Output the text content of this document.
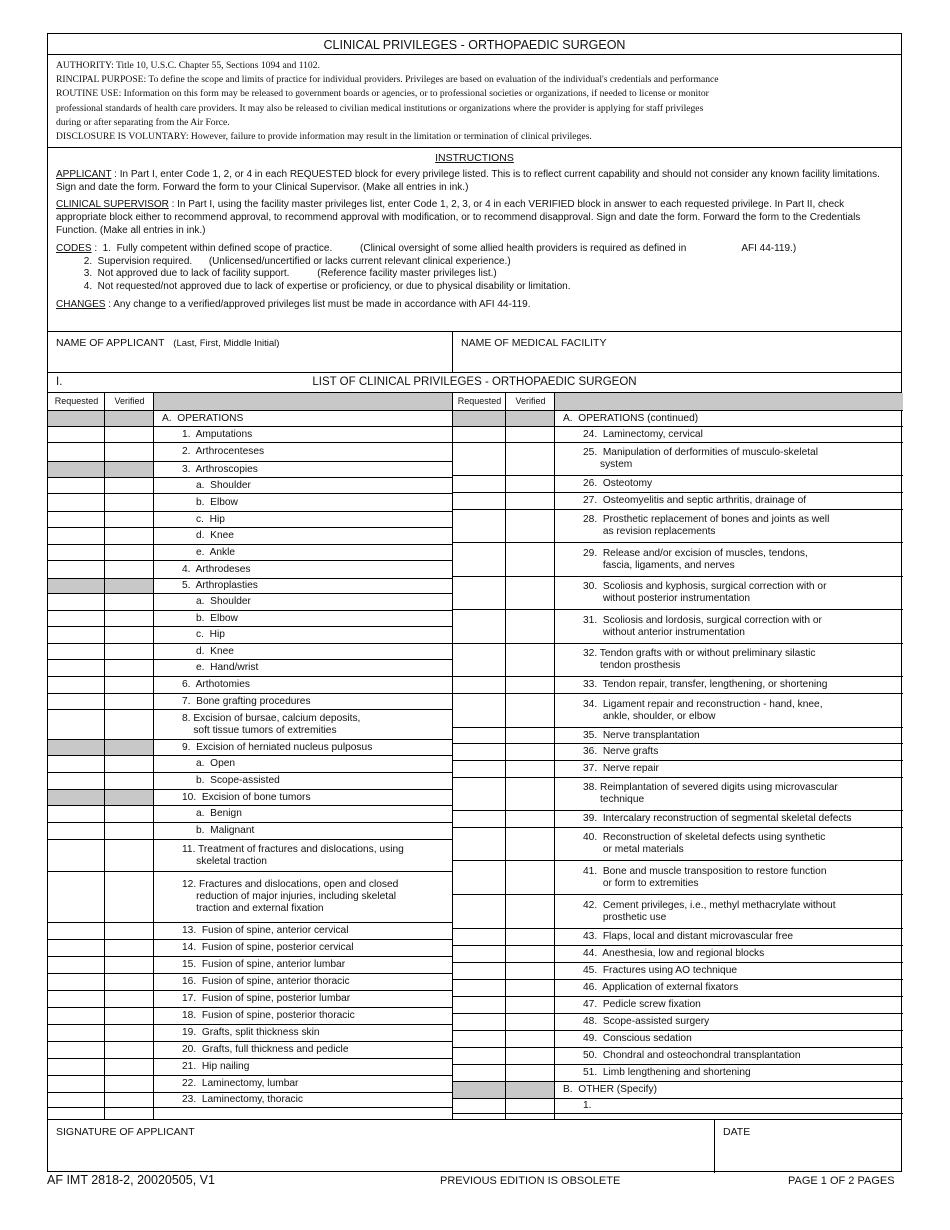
CLINICAL PRIVILEGES - ORTHOPAEDIC SURGEON
AUTHORITY: Title 10, U.S.C. Chapter 55, Sections 1094 and 1102.
RINCIPAL PURPOSE: To define the scope and limits of practice for individual providers. Privileges are based on evaluation of the individual's credentials and performance
ROUTINE USE: Information on this form may be released to government boards or agencies, or to professional societies or organizations, if needed to license or monitor
professional standards of health care providers. It may also be released to civilian medical institutions or organizations where the provider is applying for staff privileges
during or after separating from the Air Force.
DISCLOSURE IS VOLUNTARY: However, failure to provide information may result in the limitation or termination of clinical privileges.
INSTRUCTIONS

APPLICANT : In Part I, enter Code 1, 2, or 4 in each REQUESTED block for every privilege listed. This is to reflect current capability and should not consider any known facility limitations. Sign and date the form. Forward the form to your Clinical Supervisor. (Make all entries in ink.)

CLINICAL SUPERVISOR : In Part I, using the facility master privileges list, enter Code 1, 2, 3, or 4 in each VERIFIED block in answer to each requested privilege. In Part II, check appropriate block either to recommend approval, to recommend approval with modification, or to recommend disapproval. Sign and date the form. Forward the form to the Credentials Function. (Make all entries in ink.)

CODES :  1.  Fully competent within defined scope of practice.          (Clinical oversight of some allied health providers is required as defined in                    AFI 44-119.)
2.  Supervision required.      (Unlicensed/uncertified or lacks current relevant clinical experience.)
3.  Not approved due to lack of facility support.          (Reference facility master privileges list.)
4.  Not requested/not approved due to lack of expertise or proficiency, or due to physical disability or limitation.

CHANGES : Any change to a verified/approved privileges list must be made in accordance with AFI 44-119.

NAME OF APPLICANT (Last, First, Middle Initial)	NAME OF MEDICAL FACILITY
I.	LIST OF CLINICAL PRIVILEGES - ORTHOPAEDIC SURGEON
Requested	Verified	Requested	Verified
A.  OPERATIONS
1.  Amputations
2.  Arthrocenteses
3.  Arthroscopies
a.  Shoulder
b.  Elbow
c.  Hip
d.  Knee
e.  Ankle
4.  Arthrodeses
5.  Arthroplasties
a.  Shoulder
b.  Elbow
c.  Hip
d.  Knee
e.  Hand/wrist
6.  Arthotomies
7.  Bone grafting procedures
8. Excision of bursae, calcium deposits,
soft tissue tumors of extremities
9.  Excision of herniated nucleus pulposus
a.  Open
b.  Scope-assisted
10.  Excision of bone tumors
a.  Benign
b.  Malignant
11. Treatment of fractures and dislocations, using
skeletal traction
12. Fractures and dislocations, open and closed
reduction of major injuries, including skeletal
traction and external fixation
13.  Fusion of spine, anterior cervical
14.  Fusion of spine, posterior cervical
15.  Fusion of spine, anterior lumbar
16.  Fusion of spine, anterior thoracic
17.  Fusion of spine, posterior lumbar
18.  Fusion of spine, posterior thoracic
19.  Grafts, split thickness skin
20.  Grafts, full thickness and pedicle
21.  Hip nailing
22.  Laminectomy, lumbar
23.  Laminectomy, thoracic
A.  OPERATIONS (continued)
24.  Laminectomy, cervical
25.  Manipulation of derformities of musculo-skeletal
system
26.  Osteotomy
27.  Osteomyelitis and septic arthritis, drainage of
28.  Prosthetic replacement of bones and joints as well
as revision replacements
29.  Release and/or excision of muscles, tendons,
fascia, ligaments, and nerves
30.  Scoliosis and kyphosis, surgical correction with or
without posterior instrumentation
31.  Scoliosis and lordosis, surgical correction with or
without anterior instrumentation
32. Tendon grafts with or without preliminary silastic
tendon prosthesis
33.  Tendon repair, transfer, lengthening, or shortening
34.  Ligament repair and reconstruction - hand, knee,
ankle, shoulder, or elbow
35.  Nerve transplantation
36.  Nerve grafts
37.  Nerve repair
38. Reimplantation of severed digits using microvascular
technique
39.  Intercalary reconstruction of segmental skeletal defects
40.  Reconstruction of skeletal defects using synthetic
or metal materials
41.  Bone and muscle transposition to restore function
or form to extremities
42.  Cement privileges, i.e., methyl methacrylate without
prosthetic use
43.  Flaps, local and distant microvascular free
44.  Anesthesia, low and regional blocks
45.  Fractures using AO technique
46.  Application of external fixators
47.  Pedicle screw fixation
48.  Scope-assisted surgery
49.  Conscious sedation
50.  Chondral and osteochondral transplantation
51.  Limb lengthening and shortening
B.  OTHER (Specify)
1.
SIGNATURE OF APPLICANT	DATE
AF IMT 2818-2, 20020505, V1	PREVIOUS EDITION IS OBSOLETE	PAGE 1 OF 2 PAGES
